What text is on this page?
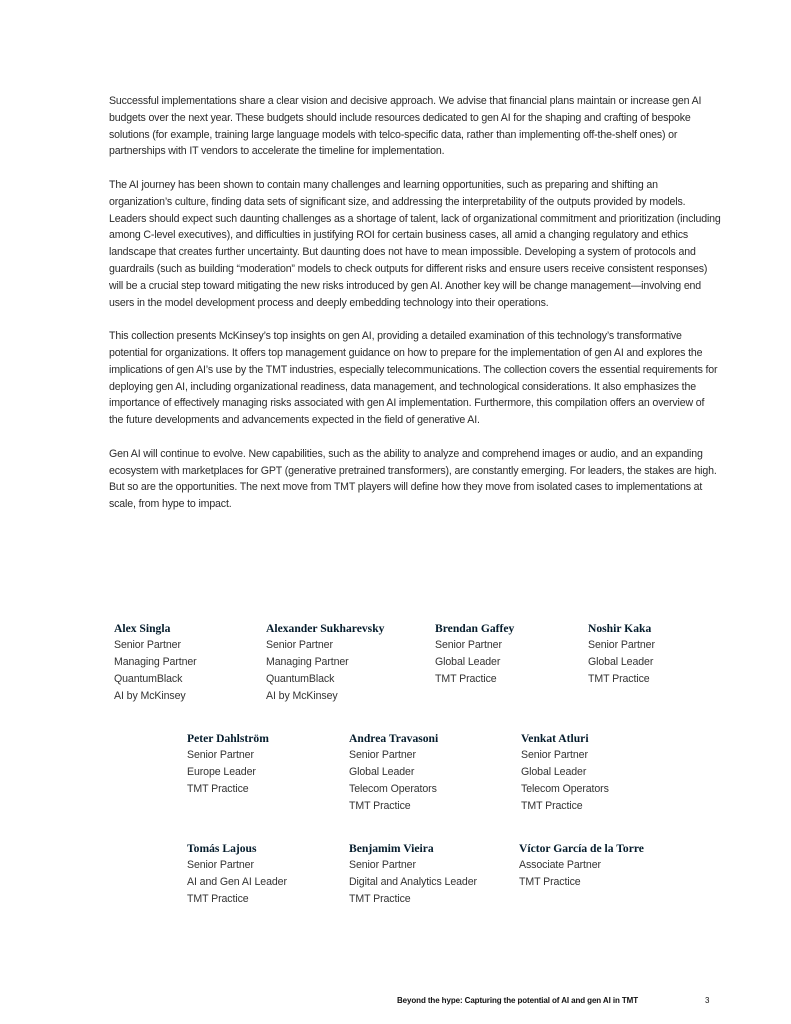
Successful implementations share a clear vision and decisive approach. We advise that financial plans maintain or increase gen AI budgets over the next year. These budgets should include resources dedicated to gen AI for the shaping and crafting of bespoke solutions (for example, training large language models with telco-specific data, rather than implementing off-the-shelf ones) or partnerships with IT vendors to accelerate the timeline for implementation.

The AI journey has been shown to contain many challenges and learning opportunities, such as preparing and shifting an organization’s culture, finding data sets of significant size, and addressing the interpretability of the outputs provided by models. Leaders should expect such daunting challenges as a shortage of talent, lack of organizational commitment and prioritization (including among C-level executives), and difficulties in justifying ROI for certain business cases, all amid a changing regulatory and ethics landscape that creates further uncertainty. But daunting does not have to mean impossible. Developing a system of protocols and guardrails (such as building “moderation” models to check outputs for different risks and ensure users receive consistent responses) will be a crucial step toward mitigating the new risks introduced by gen AI. Another key will be change management—involving end users in the model development process and deeply embedding technology into their operations.

This collection presents McKinsey’s top insights on gen AI, providing a detailed examination of this technology’s transformative potential for organizations. It offers top management guidance on how to prepare for the implementation of gen AI and explores the implications of gen AI’s use by the TMT industries, especially telecommunications. The collection covers the essential requirements for deploying gen AI, including organizational readiness, data management, and technological considerations. It also emphasizes the importance of effectively managing risks associated with gen AI implementation. Furthermore, this compilation offers an overview of the future developments and advancements expected in the field of generative AI.

Gen AI will continue to evolve. New capabilities, such as the ability to analyze and comprehend images or audio, and an expanding ecosystem with marketplaces for GPT (generative pretrained transformers), are constantly emerging. For leaders, the stakes are high. But so are the opportunities. The next move from TMT players will define how they move from isolated cases to implementations at scale, from hype to impact.

Alex Singla
Senior Partner
Managing Partner
QuantumBlack
AI by McKinsey
Alexander Sukharevsky
Senior Partner
Managing Partner
QuantumBlack
AI by McKinsey
Brendan Gaffey
Senior Partner
Global Leader
TMT Practice
Noshir Kaka
Senior Partner
Global Leader
TMT Practice
Peter Dahlström
Senior Partner
Europe Leader
TMT Practice
Andrea Travasoni
Senior Partner
Global Leader
Telecom Operators
TMT Practice
Venkat Atluri
Senior Partner
Global Leader
Telecom Operators
TMT Practice
Tomás Lajous
Senior Partner
AI and Gen AI Leader
TMT Practice
Benjamim Vieira
Senior Partner
Digital and Analytics Leader
TMT Practice
Víctor García de la Torre
Associate Partner
TMT Practice
Beyond the hype: Capturing the potential of AI and gen AI in TMT	3
